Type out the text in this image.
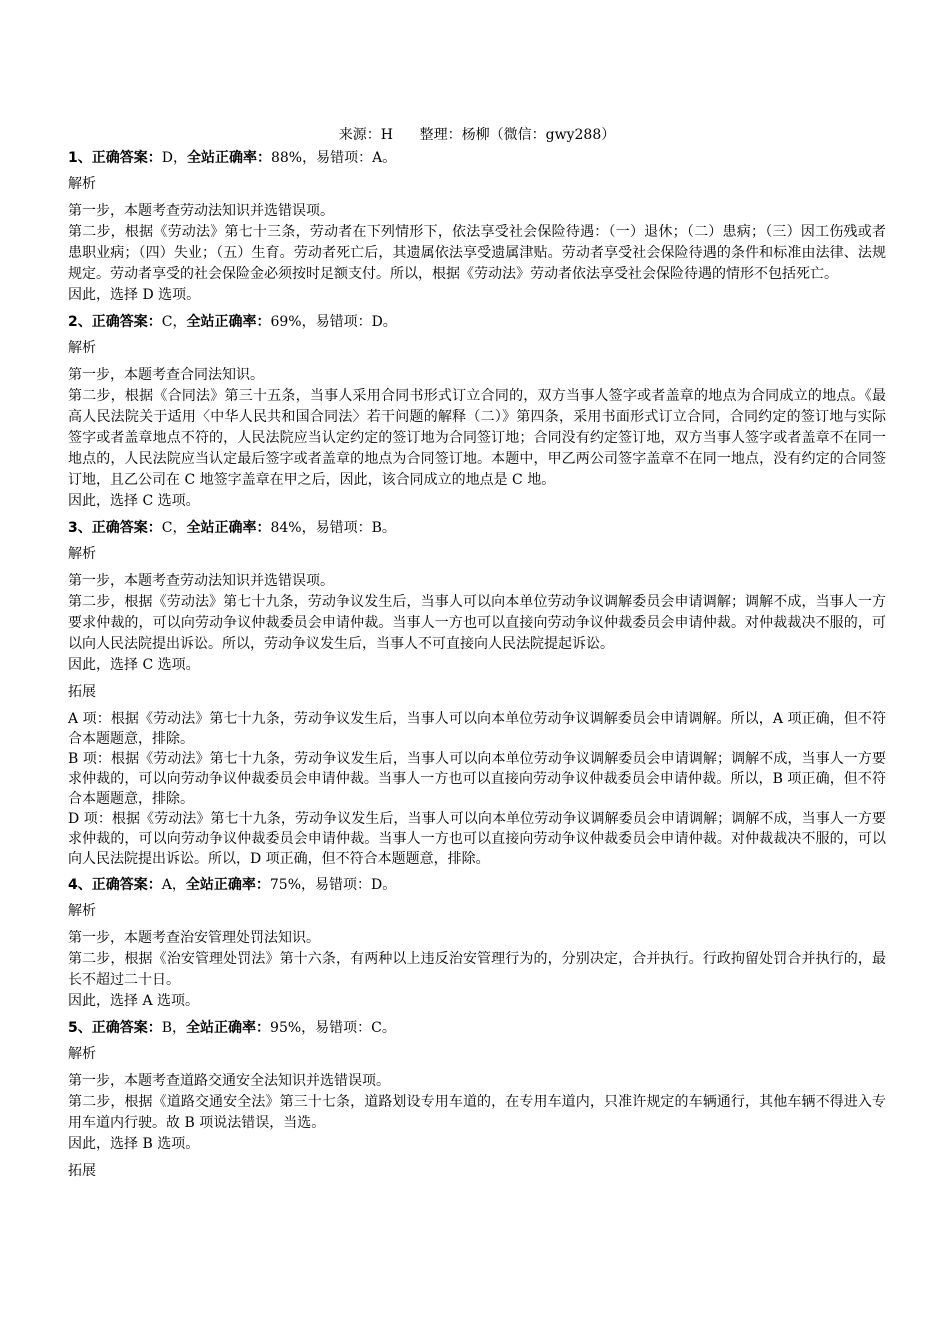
来源：H 整理：杨柳（微信：gwy288）
1、正确答案：D，全站正确率：88%，易错项：A。
解析

第一步，本题考查劳动法知识并选错误项。

第二步，根据《劳动法》第七十三条，劳动者在下列情形下，依法享受社会保险待遇：（一）退休；（二）患病；（三）因工伤残或者患职业病；（四）失业；（五）生育。劳动者死亡后，其遗属依法享受遗属津贴。劳动者享受社会保险待遇的条件和标准由法律、法规规定。劳动者享受的社会保险金必须按时足额支付。所以，根据《劳动法》劳动者依法享受社会保险待遇的情形不包括死亡。

因此，选择 D 选项。

2、正确答案：C，全站正确率：69%，易错项：D。
解析

第一步，本题考查合同法知识。

第二步，根据《合同法》第三十五条，当事人采用合同书形式订立合同的，双方当事人签字或者盖章的地点为合同成立的地点。《最高人民法院关于适用〈中华人民共和国合同法〉若干问题的解释（二）》第四条，采用书面形式订立合同，合同约定的签订地与实际签字或者盖章地点不符的，人民法院应当认定约定的签订地为合同签订地；合同没有约定签订地，双方当事人签字或者盖章不在同一地点的，人民法院应当认定最后签字或者盖章的地点为合同签订地。本题中，甲乙两公司签字盖章不在同一地点，没有约定的合同签订地，且乙公司在 C 地签字盖章在甲之后，因此，该合同成立的地点是 C 地。

因此，选择 C 选项。

3、正确答案：C，全站正确率：84%，易错项：B。
解析

第一步，本题考查劳动法知识并选错误项。

第二步，根据《劳动法》第七十九条，劳动争议发生后，当事人可以向本单位劳动争议调解委员会申请调解；调解不成，当事人一方要求仲裁的，可以向劳动争议仲裁委员会申请仲裁。当事人一方也可以直接向劳动争议仲裁委员会申请仲裁。对仲裁裁决不服的，可以向人民法院提出诉讼。所以，劳动争议发生后，当事人不可直接向人民法院提起诉讼。

因此，选择 C 选项。

拓展

A 项：根据《劳动法》第七十九条，劳动争议发生后，当事人可以向本单位劳动争议调解委员会申请调解。所以，A 项正确，但不符合本题题意，排除。

B 项：根据《劳动法》第七十九条，劳动争议发生后，当事人可以向本单位劳动争议调解委员会申请调解；调解不成，当事人一方要求仲裁的，可以向劳动争议仲裁委员会申请仲裁。当事人一方也可以直接向劳动争议仲裁委员会申请仲裁。所以，B 项正确，但不符合本题题意，排除。

D 项：根据《劳动法》第七十九条，劳动争议发生后，当事人可以向本单位劳动争议调解委员会申请调解；调解不成，当事人一方要求仲裁的，可以向劳动争议仲裁委员会申请仲裁。当事人一方也可以直接向劳动争议仲裁委员会申请仲裁。对仲裁裁决不服的，可以向人民法院提出诉讼。所以，D 项正确，但不符合本题题意，排除。

4、正确答案：A，全站正确率：75%，易错项：D。
解析

第一步，本题考查治安管理处罚法知识。

第二步，根据《治安管理处罚法》第十六条，有两种以上违反治安管理行为的，分别决定，合并执行。行政拘留处罚合并执行的，最长不超过二十日。

因此，选择 A 选项。

5、正确答案：B，全站正确率：95%，易错项：C。
解析

第一步，本题考查道路交通安全法知识并选错误项。

第二步，根据《道路交通安全法》第三十七条，道路划设专用车道的，在专用车道内，只准许规定的车辆通行，其他车辆不得进入专用车道内行驶。故 B 项说法错误，当选。

因此，选择 B 选项。

拓展
